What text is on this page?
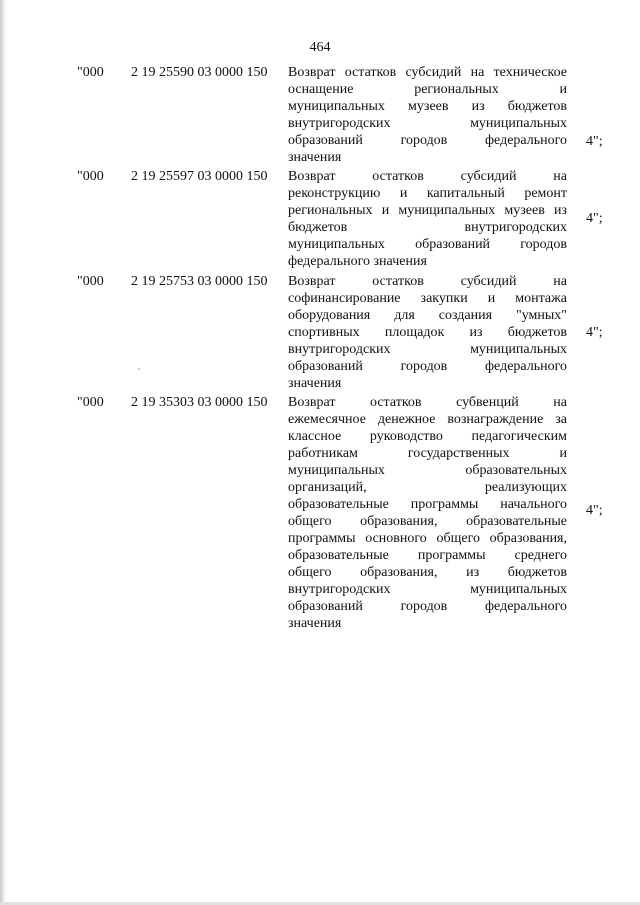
464
"000 2 19 25590 03 0000 150 Возврат остатков субсидий на техническое
оснащение региональных и
муниципальных музеев из бюджетов
внутригородских муниципальных
образований городов федерального
значения
4";
"000 2 19 25597 03 0000 150 Возврат остатков субсидий на
реконструкцию и капитальный ремонт
региональных и муниципальных музеев из
бюджетов внутригородских
муниципальных образований городов
федерального значения
4";
"000 2 19 25753 03 0000 150 Возврат остатков субсидий на
софинансирование закупки и монтажа
оборудования для создания "умных"
спортивных площадок из бюджетов
внутригородских муниципальных
образований городов федерального
значения
4";
"000 2 19 35303 03 0000 150 Возврат остатков субвенций на
ежемесячное денежное вознаграждение за
классное руководство педагогическим
работникам государственных и
муниципальных образовательных
организаций, реализующих
образовательные программы начального
общего образования, образовательные
программы основного общего образования,
образовательные программы среднего
общего образования, из бюджетов
внутригородских муниципальных
образований городов федерального
значения
4";
